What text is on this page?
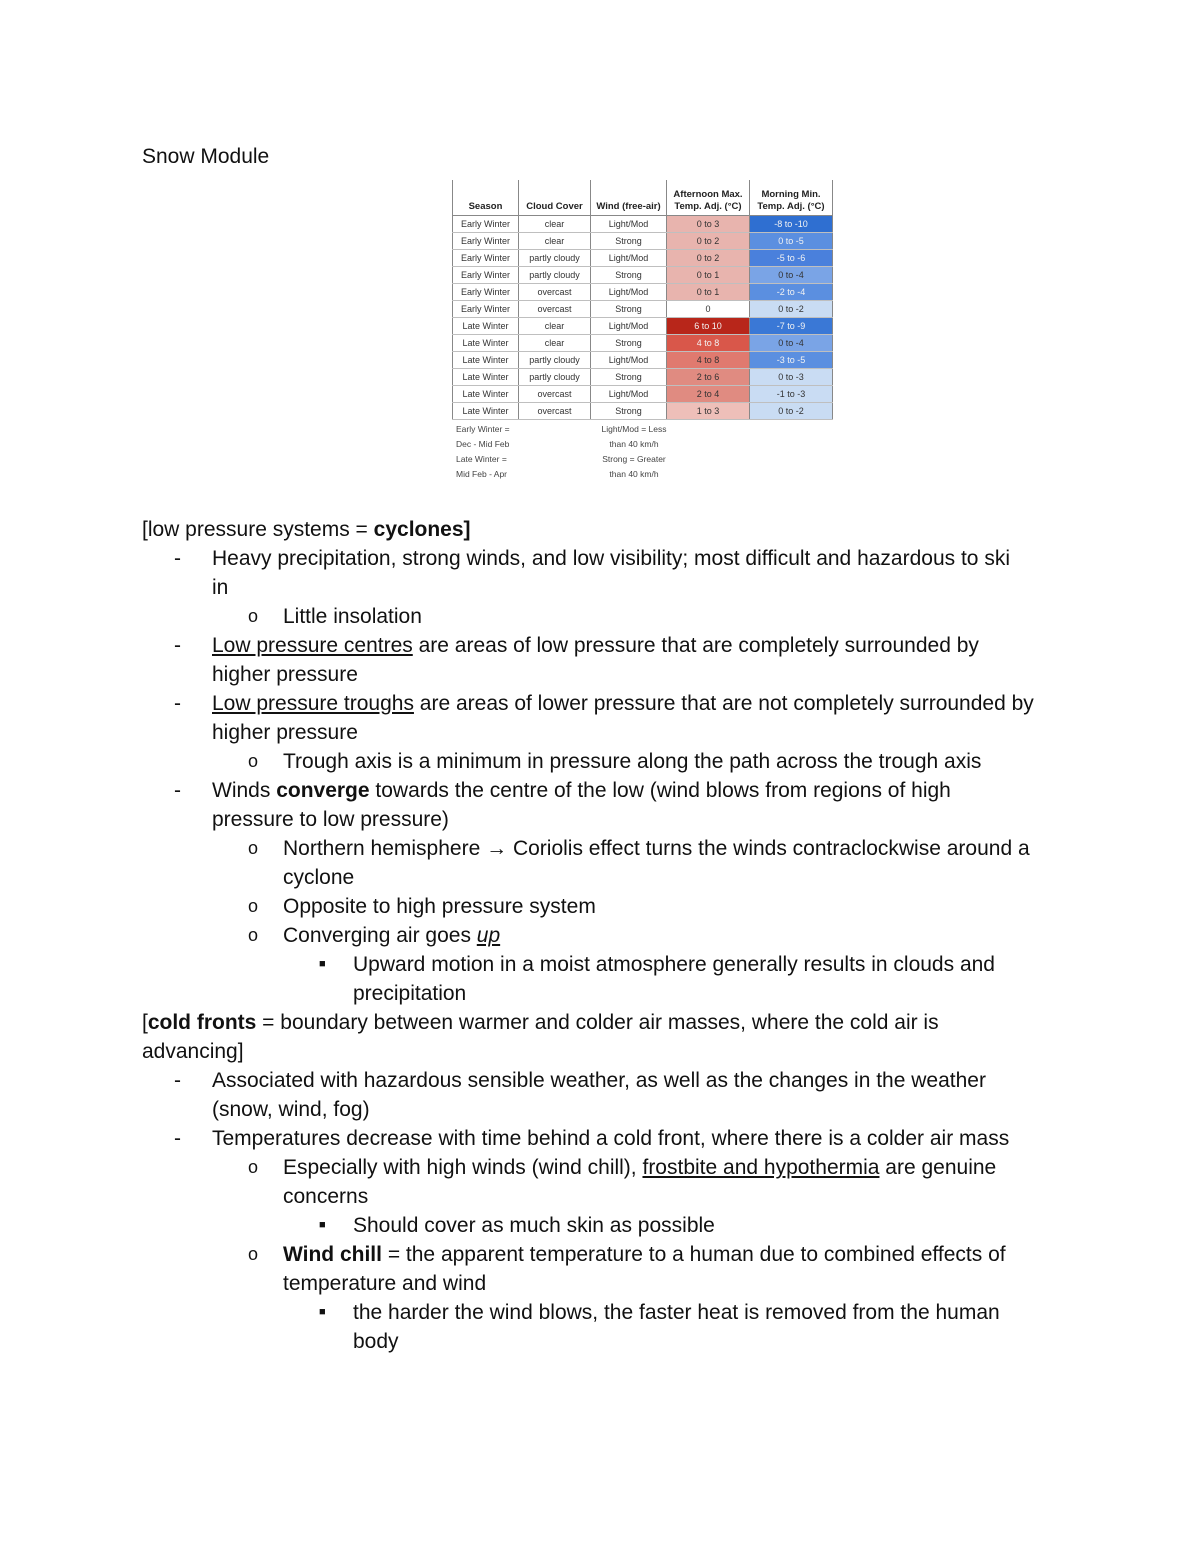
Snow Module
Season	Cloud Cover	Wind (free-air)	Afternoon Max. Temp. Adj. (°C)	Morning Min. Temp. Adj. (°C)
Early Winter	clear	Light/Mod	0 to 3	-8 to -10
Early Winter	clear	Strong	0 to 2	0 to -5
Early Winter	partly cloudy	Light/Mod	0 to 2	-5 to -6
Early Winter	partly cloudy	Strong	0 to 1	0 to -4
Early Winter	overcast	Light/Mod	0 to 1	-2 to -4
Early Winter	overcast	Strong	0	0 to -2
Late Winter	clear	Light/Mod	6 to 10	-7 to -9
Late Winter	clear	Strong	4 to 8	0 to -4
Late Winter	partly cloudy	Light/Mod	4 to 8	-3 to -5
Late Winter	partly cloudy	Strong	2 to 6	0 to -3
Late Winter	overcast	Light/Mod	2 to 4	-1 to -3
Late Winter	overcast	Strong	1 to 3	0 to -2
Early Winter =
Dec - Mid Feb
Late Winter =
Mid Feb - Apr
Light/Mod = Less
than 40 km/h
Strong = Greater
than 40 km/h
[low pressure systems = cyclones]
- Heavy precipitation, strong winds, and low visibility; most difficult and hazardous to ski
in
o Little insolation
- Low pressure centres are areas of low pressure that are completely surrounded by
higher pressure
- Low pressure troughs are areas of lower pressure that are not completely surrounded by
higher pressure
o Trough axis is a minimum in pressure along the path across the trough axis
- Winds converge towards the centre of the low (wind blows from regions of high
pressure to low pressure)
o Northern hemisphere → Coriolis effect turns the winds contraclockwise around a
cyclone
o Opposite to high pressure system
o Converging air goes up
■ Upward motion in a moist atmosphere generally results in clouds and
precipitation
[cold fronts = boundary between warmer and colder air masses, where the cold air is
advancing]
- Associated with hazardous sensible weather, as well as the changes in the weather
(snow, wind, fog)
- Temperatures decrease with time behind a cold front, where there is a colder air mass
o Especially with high winds (wind chill), frostbite and hypothermia are genuine
concerns
■ Should cover as much skin as possible
o Wind chill = the apparent temperature to a human due to combined effects of
temperature and wind
■ the harder the wind blows, the faster heat is removed from the human
body
